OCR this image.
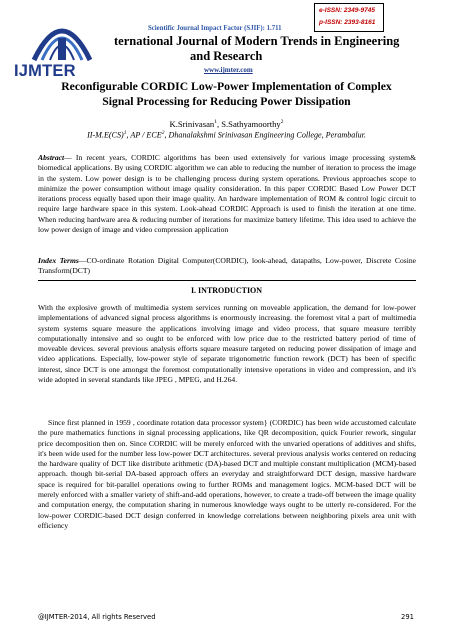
IJMTER
Scientific Journal Impact Factor (SJIF): 1.711
e-ISSN: 2349-9745
p-ISSN: 2393-8161
ternational Journal of Modern Trends in Engineering
and Research
www.ijmter.com
Reconfigurable CORDIC Low-Power Implementation of Complex
Signal Processing for Reducing Power Dissipation
K.Srinivasan$^1$, S.Sathyamoorthy$^2$
II-M.E(CS)$^1$, AP / ECE$^2$, Dhanalakshmi Srinivasan Engineering College, Perambalur.
Abstract— In recent years, CORDIC algorithms has been used extensively for various image processing system& biomedical applications. By using CORDIC algorithm we can able to reducing the number of iteration to process the image in the system. Low power design is to be challenging process during system operations. Previous approaches scope to minimize the power consumption without image quality consideration. In this paper CORDIC Based Low Power DCT iterations process equally based upon their image quality. An hardware implementation of ROM & control logic circuit to require large hardware space in this system. Look-ahead CORDIC Approach is used to finish the iteration at one time. When reducing hardware area & reducing number of iterations for maximize battery lifetime. This idea used to achieve the low power design of image and video compression application
Index Terms—CO-ordinate Rotation Digital Computer(CORDIC), look-ahead, datapaths, Low-power, Discrete Cosine Transform(DCT)
I. INTRODUCTION
With the explosive growth of multimedia system services running on moveable application, the demand for low-power implementations of advanced signal process algorithms is enormously increasing. the foremost vital a part of multimedia system systems square measure the applications involving image and video process, that square measure terribly computationally intensive and so ought to be enforced with low price due to the restricted battery period of time of moveable devices. several previous analysis efforts square measure targeted on reducing power dissipation of image and video applications. Especially, low-power style of separate trigonometric function rework (DCT) has been of specific interest, since DCT is one amongst the foremost computationally intensive operations in video and compression, and it's wide adopted in several standards like JPEG , MPEG, and H.264.
Since first planned in 1959 , coordinate rotation data processor system} (CORDIC) has been wide accustomed calculate the pure mathematics functions in signal processing applications, like QR decomposition, quick Fourier rework, singular price decomposition then on. Since CORDIC will be merely enforced with the unvaried operations of additives and shifts, it's been wide used for the number less low-power DCT architectures. several previous analysis works centered on reducing the hardware quality of DCT like distribute arithmetic (DA)-based DCT and multiple constant multiplication (MCM)-based approach. though bit-serial DA-based approach offers an everyday and straightforward DCT design, massive hardware space is required for bit-parallel operations owing to further ROMs and management logics. MCM-based DCT will be merely enforced with a smaller variety of shift-and-add operations, however, to create a trade-off between the image quality and computation energy, the computation sharing in numerous knowledge ways ought to be utterly re-considered. For the low-power CORDIC-based DCT design conferred in knowledge correlations between neighboring pixels area unit with efficiency
@IJMTER-2014, All rights Reserved	291
